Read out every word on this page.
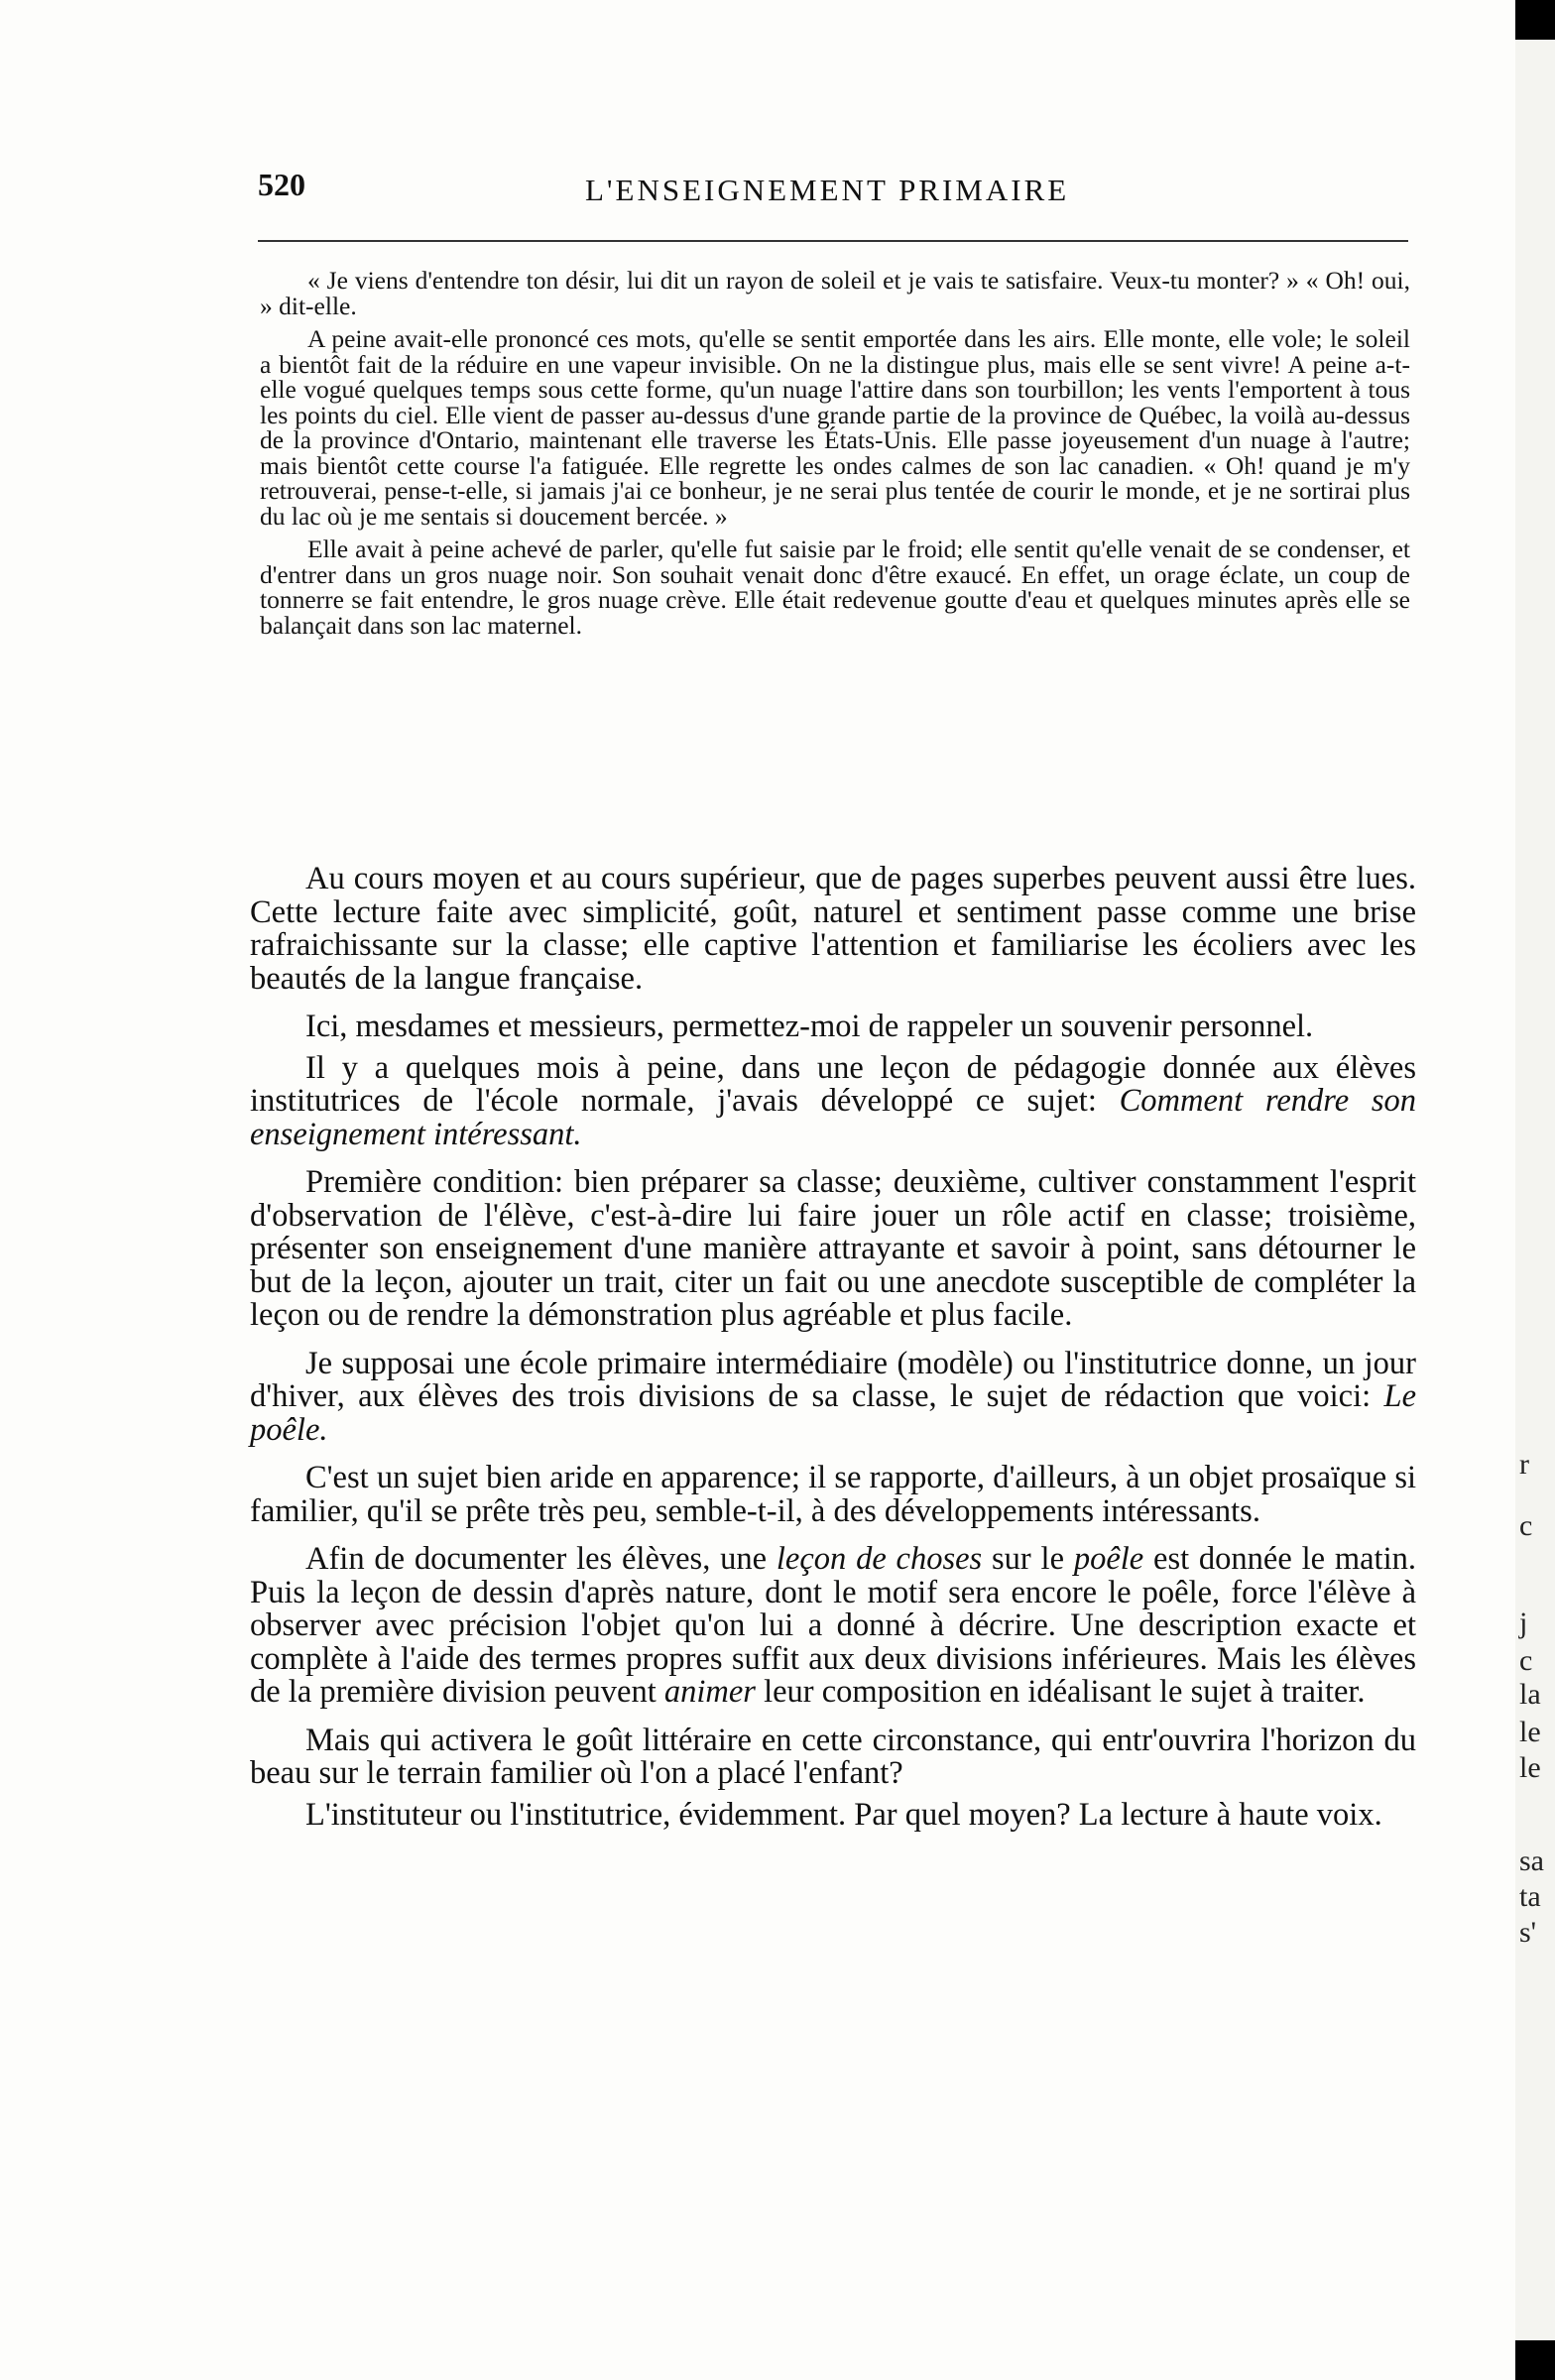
520	L'ENSEIGNEMENT PRIMAIRE

« Je viens d'entendre ton désir, lui dit un rayon de soleil et je vais te satisfaire. Veux-tu monter? » « Oh! oui, » dit-elle.

A peine avait-elle prononcé ces mots, qu'elle se sentit emportée dans les airs. Elle monte, elle vole; le soleil a bientôt fait de la réduire en une vapeur invisible. On ne la distingue plus, mais elle se sent vivre! A peine a-t-elle vogué quelques temps sous cette forme, qu'un nuage l'attire dans son tourbillon; les vents l'emportent à tous les points du ciel. Elle vient de passer au-dessus d'une grande partie de la province de Québec, la voilà au-dessus de la province d'Ontario, maintenant elle traverse les États-Unis. Elle passe joyeusement d'un nuage à l'autre; mais bientôt cette course l'a fatiguée. Elle regrette les ondes calmes de son lac canadien. « Oh! quand je m'y retrouverai, pense-t-elle, si jamais j'ai ce bonheur, je ne serai plus tentée de courir le monde, et je ne sortirai plus du lac où je me sentais si doucement bercée. »

Elle avait à peine achevé de parler, qu'elle fut saisie par le froid; elle sentit qu'elle venait de se condenser, et d'entrer dans un gros nuage noir. Son souhait venait donc d'être exaucé. En effet, un orage éclate, un coup de tonnerre se fait entendre, le gros nuage crève. Elle était redevenue goutte d'eau et quelques minutes après elle se balançait dans son lac maternel.

Au cours moyen et au cours supérieur, que de pages superbes peuvent aussi être lues. Cette lecture faite avec simplicité, goût, naturel et sentiment passe comme une brise rafraichissante sur la classe; elle captive l'attention et familiarise les écoliers avec les beautés de la langue française.

Ici, mesdames et messieurs, permettez-moi de rappeler un souvenir personnel.

Il y a quelques mois à peine, dans une leçon de pédagogie donnée aux élèves institutrices de l'école normale, j'avais développé ce sujet: Comment rendre son enseignement intéressant.

Première condition: bien préparer sa classe; deuxième, cultiver constamment l'esprit d'observation de l'élève, c'est-à-dire lui faire jouer un rôle actif en classe; troisième, présenter son enseignement d'une manière attrayante et savoir à point, sans détourner le but de la leçon, ajouter un trait, citer un fait ou une anecdote susceptible de compléter la leçon ou de rendre la démonstration plus agréable et plus facile.

Je supposai une école primaire intermédiaire (modèle) ou l'institutrice donne, un jour d'hiver, aux élèves des trois divisions de sa classe, le sujet de rédaction que voici: Le poêle.

C'est un sujet bien aride en apparence; il se rapporte, d'ailleurs, à un objet prosaïque si familier, qu'il se prête très peu, semble-t-il, à des développements intéressants.

Afin de documenter les élèves, une leçon de choses sur le poêle est donnée le matin. Puis la leçon de dessin d'après nature, dont le motif sera encore le poêle, force l'élève à observer avec précision l'objet qu'on lui a donné à décrire. Une description exacte et complète à l'aide des termes propres suffit aux deux divisions inférieures. Mais les élèves de la première division peuvent animer leur composition en idéalisant le sujet à traiter.

Mais qui activera le goût littéraire en cette circonstance, qui entr'ouvrira l'horizon du beau sur le terrain familier où l'on a placé l'enfant?

L'instituteur ou l'institutrice, évidemment. Par quel moyen? La lecture à haute voix.

r
c
j
c
la
le
le
sa
ta
s'
